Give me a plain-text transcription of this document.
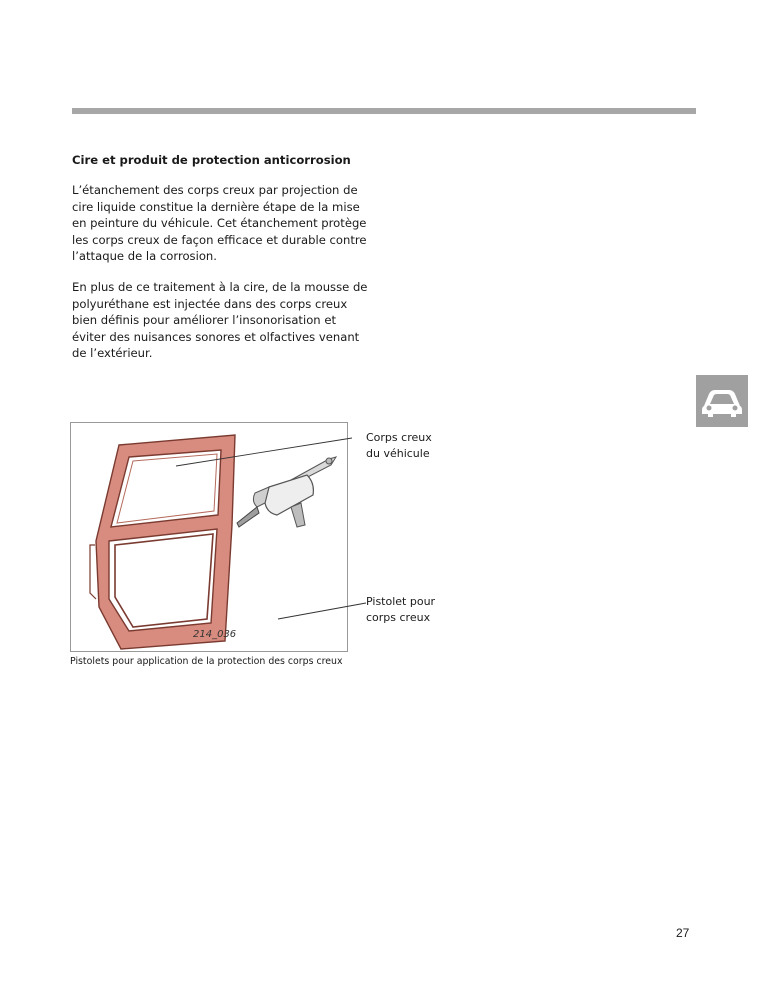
Cire et produit de protection anticorrosion

L’étanchement des corps creux par projection de cire liquide constitue la dernière étape de la mise en peinture du véhicule. Cet étanchement protège les corps creux de façon efficace et durable contre l’attaque de la corrosion.

En plus de ce traitement à la cire, de la mousse de polyuréthane est injectée dans des corps creux bien définis pour améliorer l’insonorisation et éviter des nuisances sonores et olfactives venant de l’extérieur.

214_036

Corps creux
du véhicule

Pistolet pour
corps creux

Pistolets pour application de la protection des corps creux

27
